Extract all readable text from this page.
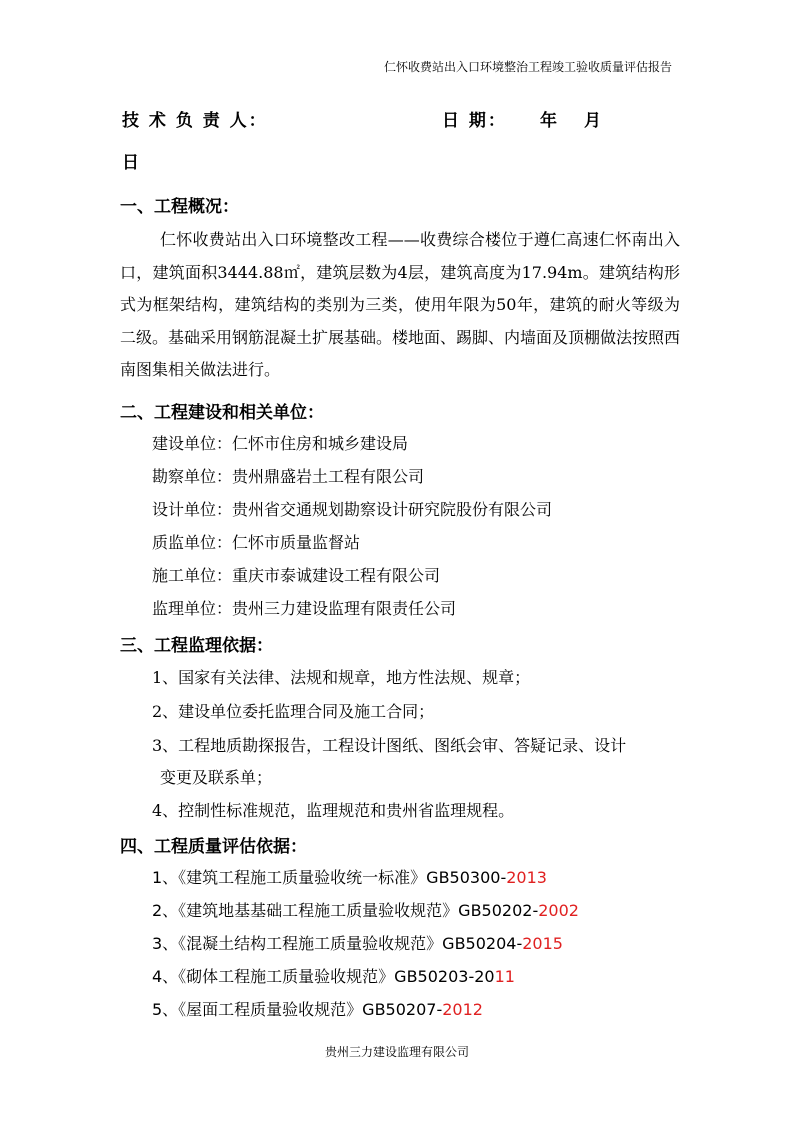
仁怀收费站出入口环境整治工程竣工验收质量评估报告
技 术 负 责 人：	日 期： 年 月
日
一、工程概况：
仁怀收费站出入口环境整改工程——收费综合楼位于遵仁高速仁怀南出入口，建筑面积3444.88㎡，建筑层数为4层，建筑高度为17.94m。建筑结构形式为框架结构，建筑结构的类别为三类，使用年限为50年，建筑的耐火等级为二级。基础采用钢筋混凝土扩展基础。楼地面、踢脚、内墙面及顶棚做法按照西南图集相关做法进行。
二、工程建设和相关单位：
建设单位：仁怀市住房和城乡建设局
勘察单位：贵州鼎盛岩土工程有限公司
设计单位：贵州省交通规划勘察设计研究院股份有限公司
质监单位：仁怀市质量监督站
施工单位：重庆市泰诚建设工程有限公司
监理单位：贵州三力建设监理有限责任公司
三、工程监理依据：
1、国家有关法律、法规和规章，地方性法规、规章；
2、建设单位委托监理合同及施工合同；
3、工程地质勘探报告，工程设计图纸、图纸会审、答疑记录、设计
变更及联系单；
4、控制性标准规范，监理规范和贵州省监理规程。
四、工程质量评估依据：
1、《建筑工程施工质量验收统一标准》GB50300-2013
2、《建筑地基基础工程施工质量验收规范》GB50202-2002
3、《混凝土结构工程施工质量验收规范》GB50204-2015
4、《砌体工程施工质量验收规范》GB50203-2011
5、《屋面工程质量验收规范》GB50207-2012
贵州三力建设监理有限公司
